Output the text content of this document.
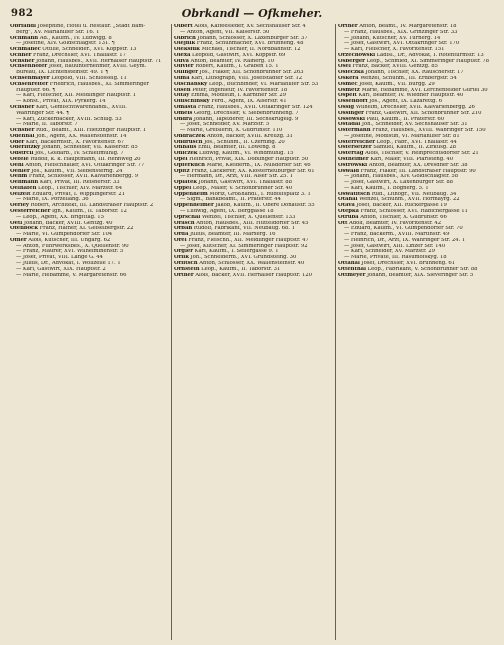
982	Obrkandl — Ofkmeher.
Obrfandl Josephine, Hotel u. Restaur. „Stadt Bam-
berg", XV. Mariahilfer Str. 16. T
Ochmann Ad., Kaufm., IV. Ludwigg. 8
— Josefine, XIV. Goldschlagstr. 131. ¶
Ochmanec Ottilie, Schneider., XVI. Koppstr. 13
Ochner Franz, Drechsler, XVI. Thaliastr. 17
Ochsner Johann, Hausbes., XVII. Hernalser Hauptstr. 71
Ochsenhofer Josef, Bauunternehmer, XVIII. Geym.
Bureau, IX. Lichtensteinstr. 49. T ¶
Ochsenmayer Leopold, VIII. Schlösselg. 11
Ochsenreiter Friedrich, Hausbes., XI. Simmeringer
Hauptstr. 66. ¶
— Karl, Fleischer, XII. Meidlinger Hauptstr. 1
— Konst., Privat, XIX. Pyrkerg. 14
Ochsner Karl, Gemischtwarenhandl., XVIII.
Währinger Str. 44. ¶
— Karl, Zuckerbäcker, XVIII. Schulg. 53
— Marie, II. Taborstr. 7
Ochsner Rud., Beamt., XIII. Hietzinger Hauptstr. 1
Odehnal Joh., Agent, XX. Wallensteinstr. 14
Oder Karl, Bäckermstr., X. Favoritenstr. 67
Oderlitzky Johann, Schneider, VII. Kaiserstr. 85
Odstrcil Jos., Goldarb., IV. Schleifmühlg. 7
Oefele Rudolf, k. k. Hauptmann, III. Rennweg 20
Oehl Anton, Fleischhauer, XVI. Ottakringer Str. 77
Oehler Jos., Kaufm., VII. Siebensterng. 24
Oehm Franz, Schlosser, XVII. Kalvarienbergg. 9
Oehmann Karl, Privat, III. Reisnerstr. 33
Oelhafen Leop., Tischler, XIV. Märzstr. 64
Oelzelt Eduard, Privat, I. Wipplingerstr. 21
— Marie, IX. Porzellang. 36
Oerley Robert, Architekt, III. Landstraßer Hauptstr. 2
Oesterreicher Ign., Kaufm., II. Taborstr. 12
— Leop., Agent, XX. Brigittag. 15
Oetl Johann, Bäcker, XVIII. Gentzg. 40
Ofenböck Franz, Hafner, XI. Geiselbergstr. 22
— Marie, VI. Gumpendorfer Str. 104
Ofner Alois, Kutscher, III. Ungarg. 62
— Anton, Fuhrwerksbes., X. Quellenstr. 90
— Franz, Maurer, XVI. Wilhelminenstr. 5
— Josef, Privat, VIII. Lange G. 44
— Julius, Dr., Advokat, I. Wollzeile 17. T
— Karl, Gastwirt, XIX. Hauptstr. 2
— Marie, Hebamme, V. Margaretenstr. 66
Olbert Alois, Kaffeesieder, XV. Sechshauser Str. 4
— Anton, Agent, VII. Kaiserstr. 50
Olbrich Johann, Schlosser, X. Laxenburger Str. 37
Olejnik Franz, Schuhmacher, XVI. Brunneng. 48
Oleksiuk Michael, Tischler, II. Nordbahnstr. 12
Olexa Leopold, Gastwirt, XVI. Koppstr. 69
Oliva Anton, Beamter, IV. Rainerg. 10
Olivier Robert, Kaufm., I. Graben 15. T
Ollinger Jos., Fiaker, XII. Schönbrunner Str. 263
Olma Karl, Lithograph, VIII. Josefstädter Str. 12
Olschansky Leop., Buchbinder, VI. Mariahilfer Str. 53
Olsen Peter, Ingenieur, IV. Favoritenstr. 18
Oltay Emma, Modistin, I. Kärntner Str. 29
Oluschinsky Ferd., Agent, IX. Alserstr. 41
Omasta Franz, Hausbes., XVII. Ottakringer Str. 124
Omeis Georg, Drechsler, V. Siebenbrunneng. 7
Ondra Johann, Tapezierer, III. Sechskrügelg. 9
— Josef, Schneider, XV. Märzstr. 5
— Marie, Greislerin, X. Gudrunstr. 110
Ondraczek Anton, Bäcker, XVIII. Kreuzg. 31
Ondrusch Jos., Schuhm., II. Czerning. 20
Onhaus Emil, Beamter, III. Löweng. 8
Oniczek Ludwig, Kaufm., VI. Windmühlg. 15
Opel Heinrich, Privat, XIX. Döblinger Hauptstr. 50
Opferkuch Marie, Kleiderm., IX. Nußdorfer Str. 46
Opitz Franz, Lackierer, XX. Klosterneuburger Str. 61
— Hermann, Dr., Arzt, VIII. Alser Str. 25. T
Oplatek Johann, Gastwirt, XVI. Thaliastr. 88
Oppel Leop., Maler, V. Schönbrunner Str. 40
Oppenheim Moriz, Großhändl., I. Rudolfsplatz 3. T
— Sigm., Bankbeamt., II. Praterstr. 44
Oppenheimer Jakob, Kaufm., II. Obere Donaustr. 55
— Ludwig, Agent, IX. Berggasse 18
Oprschal Wenzel, Tischler, X. Quellenstr. 133
Orasch Anton, Hausbes., XIII. Hütteldorfer Str. 45
Orban Rudolf, Fabrikant, VII. Neubaug. 68. T
Orda Julius, Beamter, III. Marxerg. 16
Orel Franz, Fleischh., XII. Meidlinger Hauptstr. 47
— Josef, Kutscher, XI. Simmeringer Hauptstr. 92
Orgler Karl, Kaufm., I. Seilergasse 9. T
Orlik Joh., Schneiderm., XVI. Grundsteing. 30
Orlitsch Anton, Schlosser, XX. Wallensteinstr. 40
Ornstein Leop., Kaufm., II. Taborstr. 31
Ortner Alois, Bäcker, XVII. Hernalser Hauptstr. 120
Ortner Anton, Beamt., IV. Margaretenstr. 18
— Franz, Hausbes., XIX. Grinzinger Str. 33
— Johann, Kutscher, XV. Turnerg. 14
— Josef, Gastwirt, XVI. Ottakringer Str. 170
— Karl, Fleischer, X. Favoritenstr. 151
Orzechowski Ladisl., Dr., Advokat, I. Rotenturmstr. 13
Osberger Leop., Schmied, XI. Simmeringer Hauptstr. 78
Osel Franz, Bäcker, XVIII. Gentzg. 85
Osieczka Johann, Tischler, XX. Rauscherstr. 17
Oskera Wenzel, Schuhm., III. Erdbergstr. 54
Osmec Josef, Kaufm., VII. Burgg. 29
Osmetz Marie, Hebamme, XVI. Lerchenfelder Gürtel 30
Ospelt Karl, Beamter, IV. Wiedner Hauptstr. 40
Ossendorf Jos., Agent, IX. Lazarettg. 6
Ossig Wilhelm, Drechsler, XVII. Kalvarienbergg. 26
Ossinger Franz, Gastwirt, XII. Schönbrunner Str. 210
Ossowski Paul, Kaufm., II. Praterstr. 60
Ostadal Joh., Schneider, XV. Sechshauser Str. 31
Ostermann Franz, Hausbes., XVIII. Währinger Str. 150
— Josefine, Modistin, VI. Mariahilfer Str. 81
Osterreicher Leop., Fabr., XVI. Thaliastr. 44
Ostersetzer Samuel, Kaufm., II. Zirkusg. 28
Ostertag Alois, Tischler, V. Reinprechtsdorfer Str. 21
Ostheimer Karl, Maler, VIII. Piaristeng. 40
Ostrowski Anton, Beamter, XX. Dresdner Str. 38
Oswald Franz, Fiaker, III. Landstraßer Hauptstr. 90
— Johann, Hausbes., XIV. Goldschlagstr. 58
— Josef, Gastwirt, X. Laxenburger Str. 88
— Karl, Kaufm., I. Bognerg. 5. T
Oswatitsch Rud., Lithogr., VII. Neubaug. 34
Otahal Wenzel, Schuhm., XVII. Hormayrg. 22
Otava Josef, Bäcker, XII. Ruckergasse 19
Otepka Franz, Schlosser, XVI. Habichergasse 11
Otruba Anton, Tischler, X. Gudrunstr. 66
Ott Adolf, Beamter, IV. Favoritenstr. 42
— Eduard, Kaufm., VI. Gumpendorfer Str. 70
— Franz, Bäckerm., XVIII. Martinstr. 49
— Heinrich, Dr., Arzt, IX. Währinger Str. 24. T
— Josef, Gastwirt, XIII. Linzer Str. 140
— Karl, Schneider, XV. Märzstr. 29
— Marie, Private, III. Rasumofskyg. 18
Ottahal Josef, Drechsler, XVI. Brunneng. 61
Ottenthal Leop., Fabrikant, V. Schönbrunner Str. 88
Ottmeyer Johann, Beamter, XIX. Sieveringer Str. 5
